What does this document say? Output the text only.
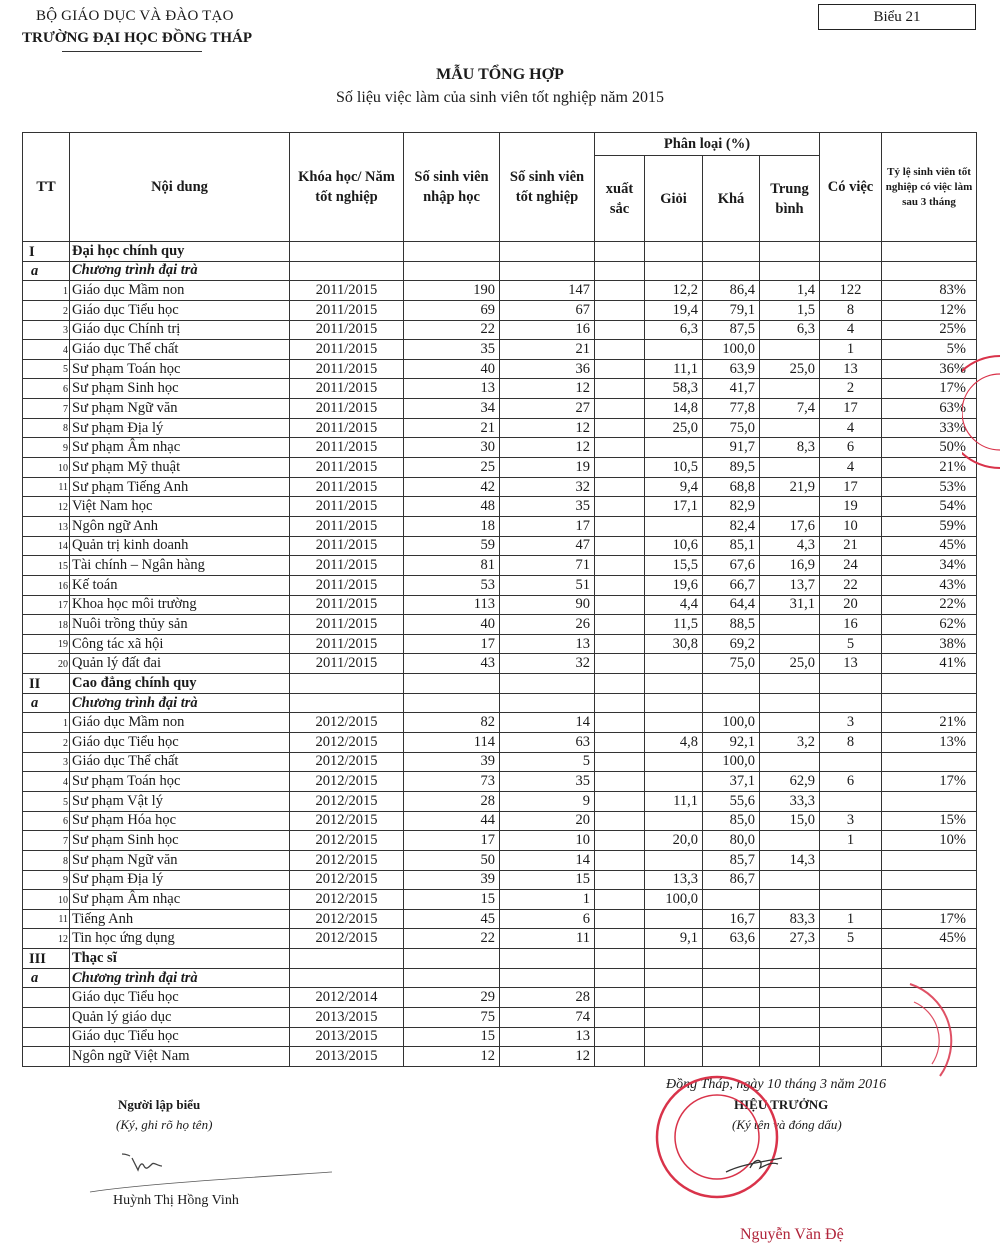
BỘ GIÁO DỤC VÀ ĐÀO TẠO
TRƯỜNG ĐẠI HỌC ĐỒNG THÁP
Biểu 21
MẪU TỔNG HỢP
Số liệu việc làm của sinh viên tốt nghiệp năm 2015
TT	Nội dung	Khóa học/ Năm tốt nghiệp	Số sinh viên nhập học	Số sinh viên tốt nghiệp	Phân loại (%)				Có việc	Tỷ lệ sinh viên tốt nghiệp có việc làm sau 3 tháng
					xuất sắc	Giỏi	Khá	Trung bình		
I	Đại học chính quy									
a	Chương trình đại trà									
1	Giáo dục Mầm non	2011/2015	190	147		12,2	86,4	1,4	122	83%
2	Giáo dục Tiểu học	2011/2015	69	67		19,4	79,1	1,5	8	12%
3	Giáo dục Chính trị	2011/2015	22	16		6,3	87,5	6,3	4	25%
4	Giáo dục Thể chất	2011/2015	35	21			100,0		1	5%
5	Sư phạm Toán học	2011/2015	40	36		11,1	63,9	25,0	13	36%
6	Sư phạm Sinh học	2011/2015	13	12		58,3	41,7		2	17%
7	Sư phạm Ngữ văn	2011/2015	34	27		14,8	77,8	7,4	17	63%
8	Sư phạm Địa lý	2011/2015	21	12		25,0	75,0		4	33%
9	Sư phạm Âm nhạc	2011/2015	30	12			91,7	8,3	6	50%
10	Sư phạm Mỹ thuật	2011/2015	25	19		10,5	89,5		4	21%
11	Sư phạm Tiếng Anh	2011/2015	42	32		9,4	68,8	21,9	17	53%
12	Việt Nam học	2011/2015	48	35		17,1	82,9		19	54%
13	Ngôn ngữ Anh	2011/2015	18	17			82,4	17,6	10	59%
14	Quản trị kinh doanh	2011/2015	59	47		10,6	85,1	4,3	21	45%
15	Tài chính – Ngân hàng	2011/2015	81	71		15,5	67,6	16,9	24	34%
16	Kế toán	2011/2015	53	51		19,6	66,7	13,7	22	43%
17	Khoa học môi trường	2011/2015	113	90		4,4	64,4	31,1	20	22%
18	Nuôi trồng thủy sản	2011/2015	40	26		11,5	88,5		16	62%
19	Công tác xã hội	2011/2015	17	13		30,8	69,2		5	38%
20	Quản lý đất đai	2011/2015	43	32			75,0	25,0	13	41%
II	Cao đẳng chính quy									
a	Chương trình đại trà									
1	Giáo dục Mầm non	2012/2015	82	14			100,0		3	21%
2	Giáo dục Tiểu học	2012/2015	114	63		4,8	92,1	3,2	8	13%
3	Giáo dục Thể chất	2012/2015	39	5			100,0			
4	Sư phạm Toán học	2012/2015	73	35			37,1	62,9	6	17%
5	Sư phạm Vật lý	2012/2015	28	9		11,1	55,6	33,3		
6	Sư phạm Hóa học	2012/2015	44	20			85,0	15,0	3	15%
7	Sư phạm Sinh học	2012/2015	17	10		20,0	80,0		1	10%
8	Sư phạm Ngữ văn	2012/2015	50	14			85,7	14,3		
9	Sư phạm Địa lý	2012/2015	39	15		13,3	86,7			
10	Sư phạm Âm nhạc	2012/2015	15	1		100,0				
11	Tiếng Anh	2012/2015	45	6			16,7	83,3	1	17%
12	Tin học ứng dụng	2012/2015	22	11		9,1	63,6	27,3	5	45%
III	Thạc sĩ									
a	Chương trình đại trà									
	Giáo dục Tiểu học	2012/2014	29	28						
	Quản lý giáo dục	2013/2015	75	74						
	Giáo dục Tiểu học	2013/2015	15	13						
	Ngôn ngữ Việt Nam	2013/2015	12	12						
Đồng Tháp, ngày 10 tháng 3 năm 2016
Người lập biểu
(Ký, ghi rõ họ tên)
HIỆU TRƯỞNG
(Ký tên và đóng dấu)
Huỳnh Thị Hồng Vinh
Nguyễn Văn Đệ
